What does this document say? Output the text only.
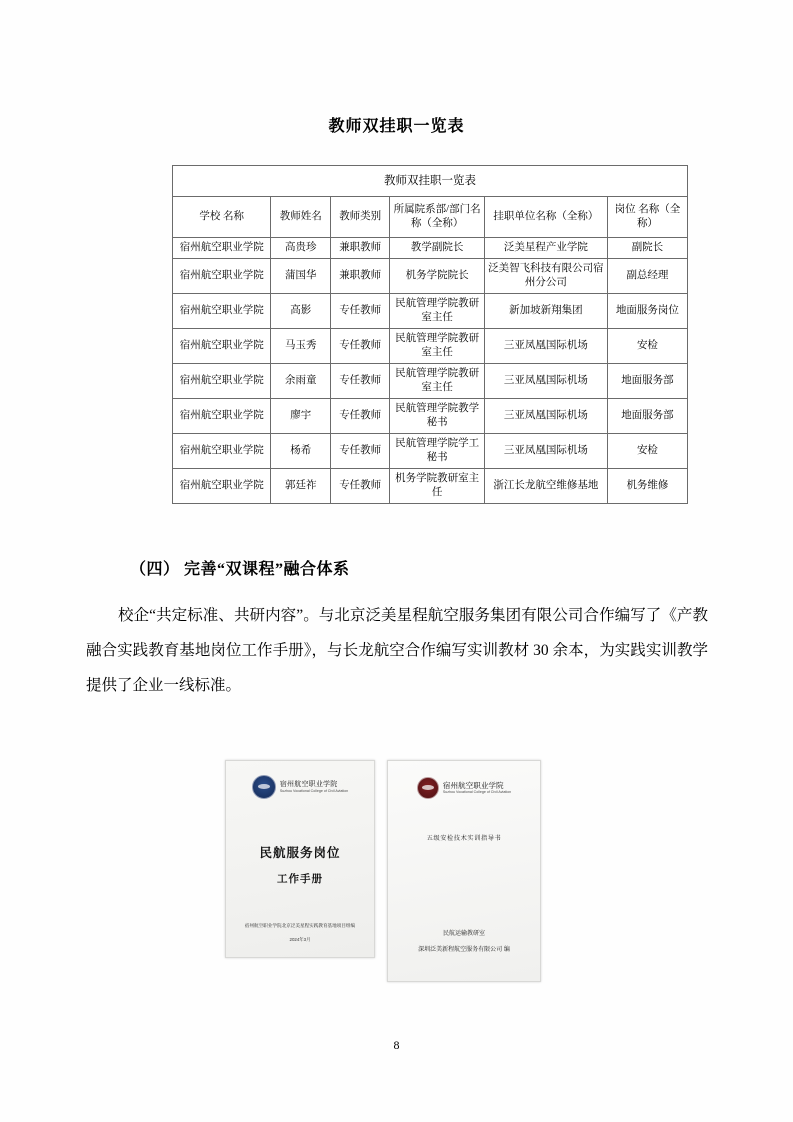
教师双挂职一览表
教师双挂职一览表					
学校 名称	教师姓名	教师类别	所属院系部/部门名称（全称）	挂职单位名称（全称）	岗位 名称（全称）
宿州航空职业学院	高贵珍	兼职教师	教学副院长	泛美星程产业学院	副院长
宿州航空职业学院	蒲国华	兼职教师	机务学院院长	泛美智飞科技有限公司宿州分公司	副总经理
宿州航空职业学院	高影	专任教师	民航管理学院教研室主任	新加坡新翔集团	地面服务岗位
宿州航空职业学院	马玉秀	专任教师	民航管理学院教研室主任	三亚凤凰国际机场	安检
宿州航空职业学院	余雨童	专任教师	民航管理学院教研室主任	三亚凤凰国际机场	地面服务部
宿州航空职业学院	廖宇	专任教师	民航管理学院教学秘书	三亚凤凰国际机场	地面服务部
宿州航空职业学院	杨希	专任教师	民航管理学院学工秘书	三亚凤凰国际机场	安检
宿州航空职业学院	郭廷祚	专任教师	机务学院教研室主任	浙江长龙航空维修基地	机务维修
（四） 完善“双课程”融合体系
校企“共定标准、共研内容”。与北京泛美星程航空服务集团有限公司合作编写了《产教融合实践教育基地岗位工作手册》，与长龙航空合作编写实训教材 30 余本，为实践实训教学提供了企业一线标准。
宿州航空职业学院
Suzhou Vocational College of Civil Aviation
民航服务岗位
工作手册
宿州航空职业学院北京泛美星程实践教育基地项目组编
2024年3月
宿州航空职业学院
Suzhou Vocational College of Civil Aviation
五级安检技术实训指导书
民航运输教研室
深圳泛美新程航空服务有限公司 编
8
